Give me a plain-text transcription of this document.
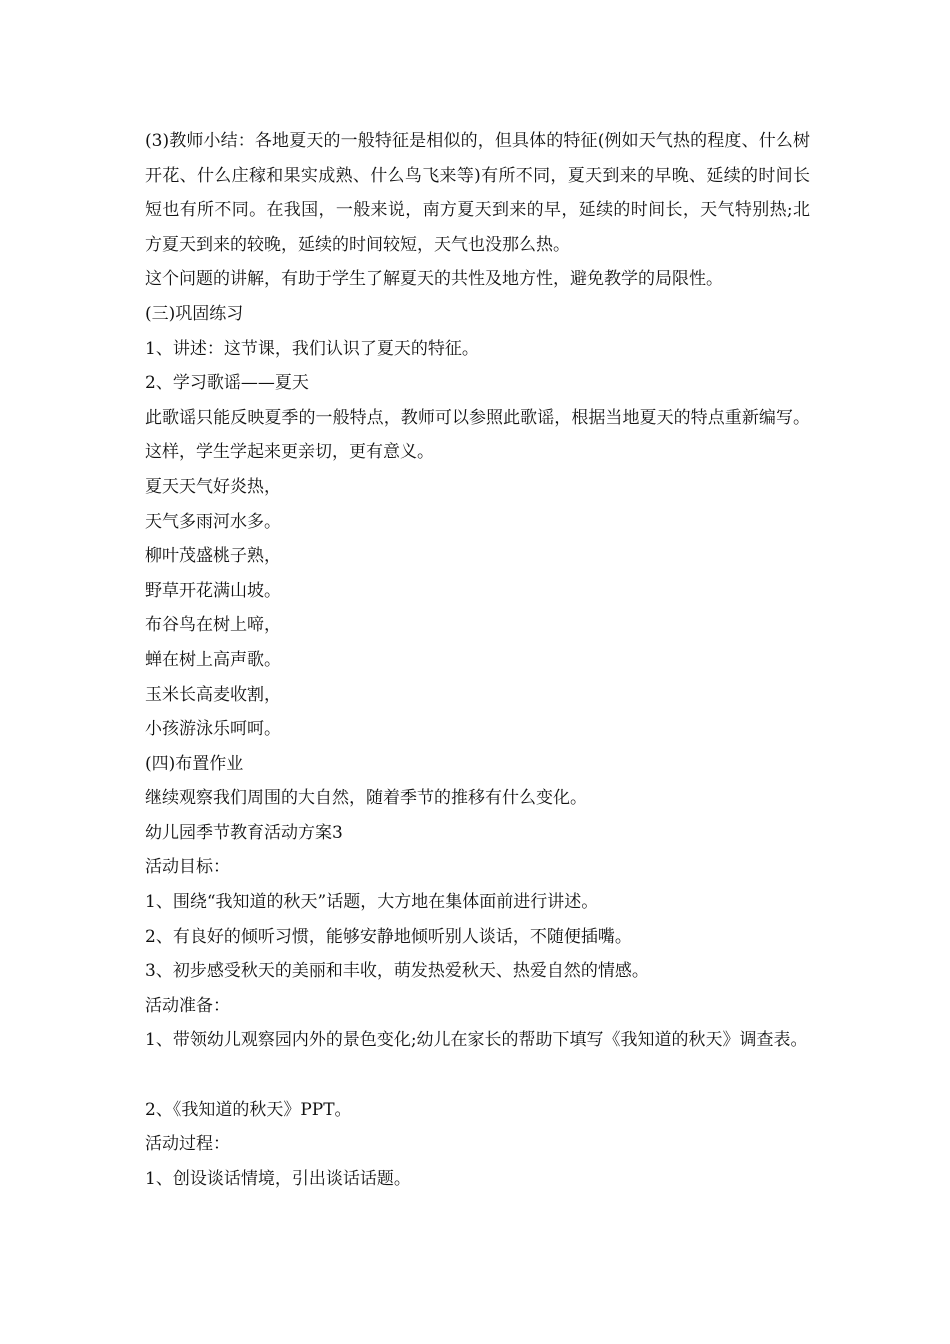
(3)教师小结：各地夏天的一般特征是相似的，但具体的特征(例如天气热的程度、什么树开花、什么庄稼和果实成熟、什么鸟飞来等)有所不同，夏天到来的早晚、延续的时间长短也有所不同。在我国，一般来说，南方夏天到来的早，延续的时间长，天气特别热;北方夏天到来的较晚，延续的时间较短，天气也没那么热。

这个问题的讲解，有助于学生了解夏天的共性及地方性，避免教学的局限性。

(三)巩固练习

1、讲述：这节课，我们认识了夏天的特征。

2、学习歌谣——夏天

此歌谣只能反映夏季的一般特点，教师可以参照此歌谣，根据当地夏天的特点重新编写。这样，学生学起来更亲切，更有意义。

夏天天气好炎热，

天气多雨河水多。

柳叶茂盛桃子熟，

野草开花满山坡。

布谷鸟在树上啼，

蝉在树上高声歌。

玉米长高麦收割，

小孩游泳乐呵呵。

(四)布置作业

继续观察我们周围的大自然，随着季节的推移有什么变化。

幼儿园季节教育活动方案3

活动目标：

1、围绕“我知道的秋天”话题，大方地在集体面前进行讲述。

2、有良好的倾听习惯，能够安静地倾听别人谈话，不随便插嘴。

3、初步感受秋天的美丽和丰收，萌发热爱秋天、热爱自然的情感。

活动准备：

1、带领幼儿观察园内外的景色变化;幼儿在家长的帮助下填写《我知道的秋天》调查表。

2、《我知道的秋天》PPT。

活动过程：

1、创设谈话情境，引出谈话话题。
